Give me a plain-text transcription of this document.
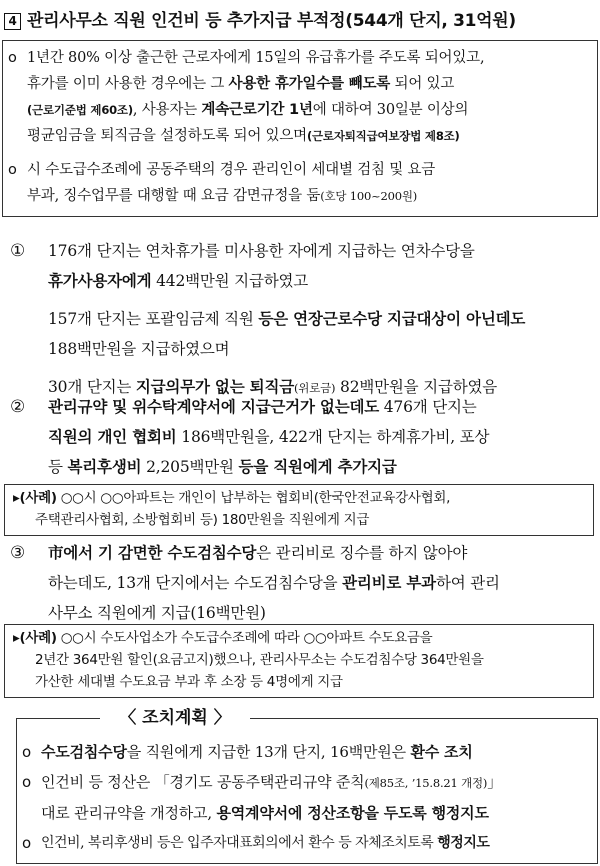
4 관리사무소 직원 인건비 등 추가지급 부적정(544개 단지, 31억원)
o 1년간 80% 이상 출근한 근로자에게 15일의 유급휴가를 주도록 되어있고,
휴가를 이미 사용한 경우에는 그 사용한 휴가일수를 빼도록 되어 있고
(근로기준법 제60조), 사용자는 계속근로기간 1년에 대하여 30일분 이상의
평균임금을 퇴직금을 설정하도록 되어 있으며(근로자퇴직급여보장법 제8조)
o 시 수도급수조례에 공동주택의 경우 관리인이 세대별 검침 및 요금
부과, 징수업무를 대행할 때 요금 감면규정을 둠(호당 100~200원)
① 176개 단지는 연차휴가를 미사용한 자에게 지급하는 연차수당을
휴가사용자에게 442백만원 지급하였고
157개 단지는 포괄임금제 직원 등은 연장근로수당 지급대상이 아닌데도
188백만원을 지급하였으며
30개 단지는 지급의무가 없는 퇴직금(위로금) 82백만원을 지급하였음
② 관리규약 및 위수탁계약서에 지급근거가 없는데도 476개 단지는
직원의 개인 협회비 186백만원을, 422개 단지는 하계휴가비, 포상
등 복리후생비 2,205백만원 등을 직원에게 추가지급
▸(사례) ○○시 ○○아파트는 개인이 납부하는 협회비(한국안전교육강사협회,
주택관리사협회, 소방협회비 등) 180만원을 직원에게 지급
③ 市에서 기 감면한 수도검침수당은 관리비로 징수를 하지 않아야
하는데도, 13개 단지에서는 수도검침수당을 관리비로 부과하여 관리
사무소 직원에게 지급(16백만원)
▸(사례) ○○시 수도사업소가 수도급수조례에 따라 ○○아파트 수도요금을
2년간 364만원 할인(요금고지)했으나, 관리사무소는 수도검침수당 364만원을
가산한 세대별 수도요금 부과 후 소장 등 4명에게 지급
〈 조치계획 〉
o 수도검침수당을 직원에게 지급한 13개 단지, 16백만원은 환수 조치
o 인건비 등 정산은 「경기도 공동주택관리규약 준칙(제85조, ’15.8.21 개정)」
대로 관리규약을 개정하고, 용역계약서에 정산조항을 두도록 행정지도
o 인건비, 복리후생비 등은 입주자대표회의에서 환수 등 자체조치토록 행정지도
